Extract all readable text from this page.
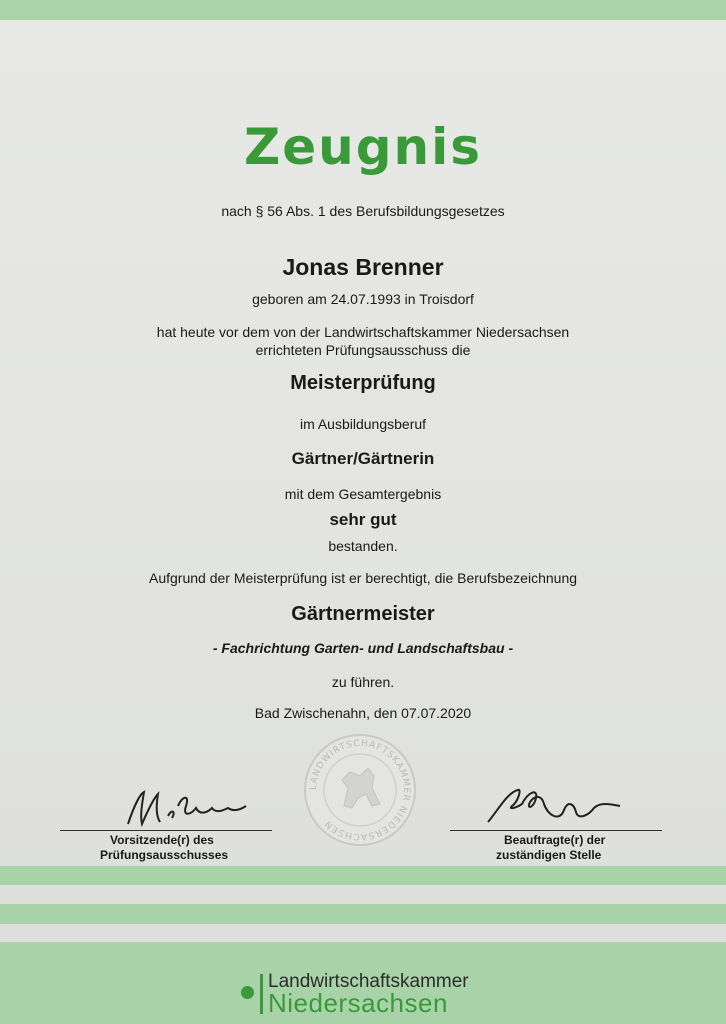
Zeugnis
nach § 56 Abs. 1 des Berufsbildungsgesetzes
Jonas Brenner
geboren am 24.07.1993 in Troisdorf
hat heute vor dem von der Landwirtschaftskammer Niedersachsen
errichteten Prüfungsausschuss die
Meisterprüfung
im Ausbildungsberuf
Gärtner/Gärtnerin
mit dem Gesamtergebnis
sehr gut
bestanden.
Aufgrund der Meisterprüfung ist er berechtigt, die Berufsbezeichnung
Gärtnermeister
- Fachrichtung Garten- und Landschaftsbau -
zu führen.
Bad Zwischenahn, den 07.07.2020
LANDWIRTSCHAFTSKAMMER NIEDERSACHSEN
Vorsitzende(r) des
Prüfungsausschusses
Beauftragte(r) der
zuständigen Stelle
Landwirtschaftskammer
Niedersachsen
